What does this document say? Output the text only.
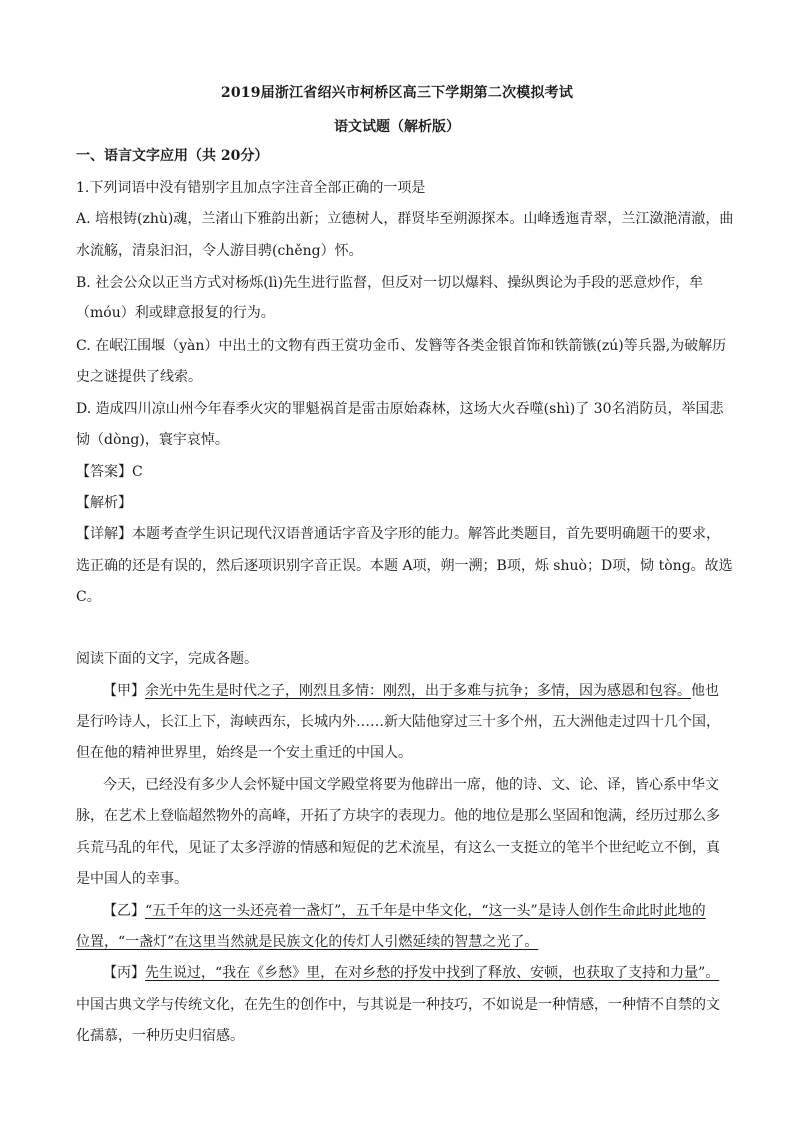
2019届浙江省绍兴市柯桥区高三下学期第二次模拟考试
语文试题（解析版）
一、语言文字应用（共 20分）
1.下列词语中没有错别字且加点字注音全部正确的一项是
A. 培根铸(zhù)魂，兰渚山下雅韵出新；立德树人，群贤毕至朔源探本。山峰透迤青翠，兰江潋滟清澈，曲
水流觞，清泉汩汩，令人游目骋(chěng）怀。
B. 社会公众以正当方式对杨烁(lì)先生进行监督，但反对一切以爆料、操纵舆论为手段的恶意炒作，牟
（móu）利或肆意报复的行为。
C. 在岷江围堰（yàn）中出土的文物有西王赏功金币、发簪等各类金银首饰和铁箭镞(zú)等兵器,为破解历
史之谜提供了线索。
D. 造成四川凉山州今年春季火灾的罪魁祸首是雷击原始森林，这场大火吞噬(shì)了 30名消防员，举国悲
恸（dòng)，寰宇哀悼。
【答案】C
【解析】
【详解】本题考查学生识记现代汉语普通话字音及字形的能力。解答此类题目，首先要明确题干的要求，
选正确的还是有误的，然后逐项识别字音正误。本题 A项，朔一溯；B项，烁 shuò；D项，恸 tòng。故选
C。
阅读下面的文字，完成各题。
【甲】余光中先生是时代之子，刚烈且多情：刚烈，出于多难与抗争；多情，因为感恩和包容。他也
是行吟诗人，长江上下，海峡西东，长城内外……新大陆他穿过三十多个州，五大洲他走过四十几个国，
但在他的精神世界里，始终是一个安土重迁的中国人。
今天，已经没有多少人会怀疑中国文学殿堂将要为他辟出一席，他的诗、文、论、译，皆心系中华文
脉，在艺术上登临超然物外的高峰，开拓了方块字的表现力。他的地位是那么坚固和饱满，经历过那么多
兵荒马乱的年代，见证了太多浮游的情感和短促的艺术流星，有这么一支挺立的笔半个世纪屹立不倒，真
是中国人的幸事。
【乙】“五千年的这一头还亮着一盏灯”，五千年是中华文化，“这一头”是诗人创作生命此时此地的
位置，“一盏灯”在这里当然就是民族文化的传灯人引燃延续的智慧之光了。
【丙】先生说过，“我在《乡愁》里，在对乡愁的抒发中找到了释放、安顿，也获取了支持和力量”。
中国古典文学与传统文化，在先生的创作中，与其说是一种技巧，不如说是一种情感，一种情不自禁的文
化孺慕，一种历史归宿感。
